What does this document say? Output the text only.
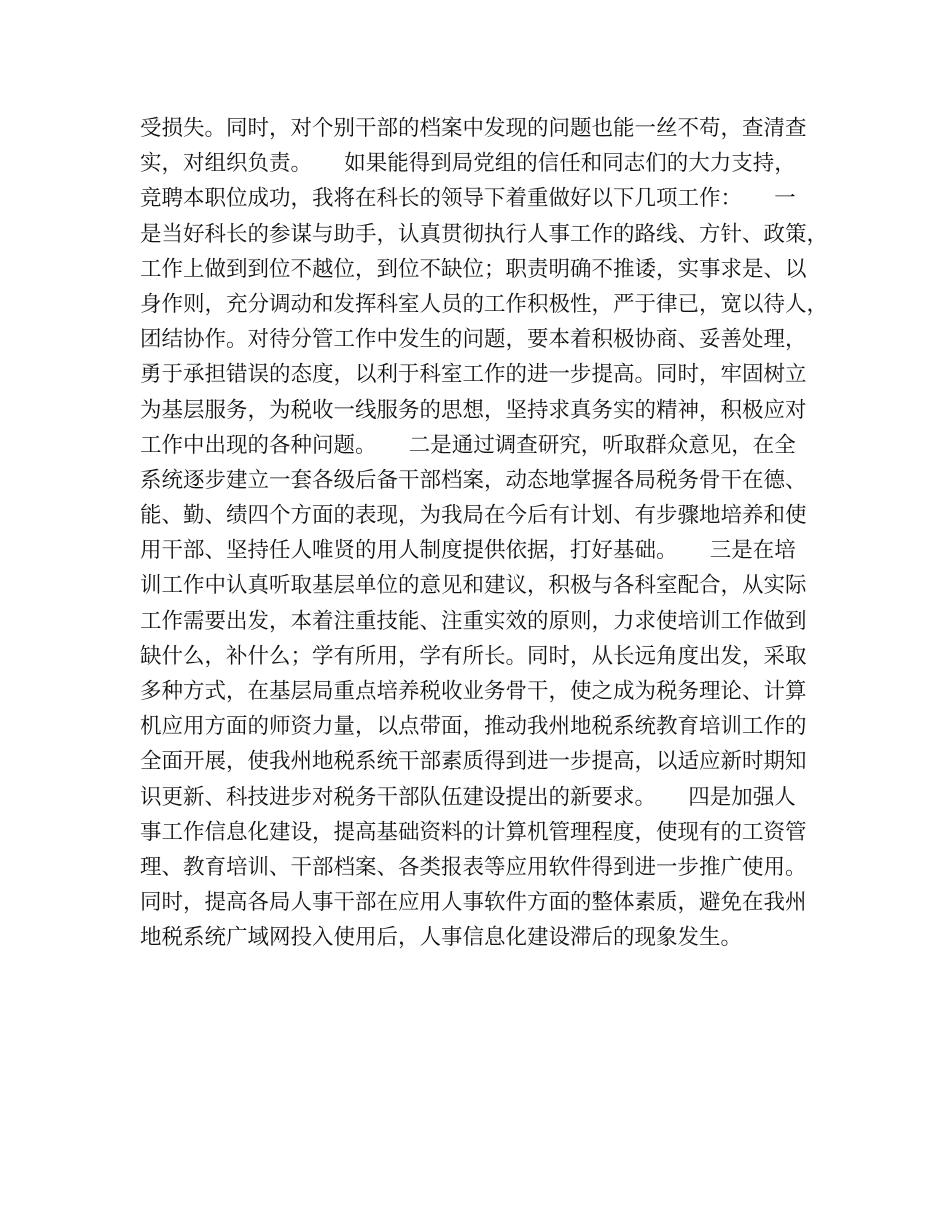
受损失。同时，对个别干部的档案中发现的问题也能一丝不苟，查清查
实，对组织负责。　　如果能得到局党组的信任和同志们的大力支持，
竞聘本职位成功，我将在科长的领导下着重做好以下几项工作：　　一
是当好科长的参谋与助手，认真贯彻执行人事工作的路线、方针、政策，
工作上做到到位不越位，到位不缺位；职责明确不推诿，实事求是、以
身作则，充分调动和发挥科室人员的工作积极性，严于律已，宽以待人，
团结协作。对待分管工作中发生的问题，要本着积极协商、妥善处理，
勇于承担错误的态度，以利于科室工作的进一步提高。同时，牢固树立
为基层服务，为税收一线服务的思想，坚持求真务实的精神，积极应对
工作中出现的各种问题。　　二是通过调查研究，听取群众意见，在全
系统逐步建立一套各级后备干部档案，动态地掌握各局税务骨干在德、
能、勤、绩四个方面的表现，为我局在今后有计划、有步骤地培养和使
用干部、坚持任人唯贤的用人制度提供依据，打好基础。　　三是在培
训工作中认真听取基层单位的意见和建议，积极与各科室配合，从实际
工作需要出发，本着注重技能、注重实效的原则，力求使培训工作做到
缺什么，补什么；学有所用，学有所长。同时，从长远角度出发，采取
多种方式，在基层局重点培养税收业务骨干，使之成为税务理论、计算
机应用方面的师资力量，以点带面，推动我州地税系统教育培训工作的
全面开展，使我州地税系统干部素质得到进一步提高，以适应新时期知
识更新、科技进步对税务干部队伍建设提出的新要求。　　四是加强人
事工作信息化建设，提高基础资料的计算机管理程度，使现有的工资管
理、教育培训、干部档案、各类报表等应用软件得到进一步推广使用。
同时，提高各局人事干部在应用人事软件方面的整体素质，避免在我州
地税系统广域网投入使用后，人事信息化建设滞后的现象发生。
